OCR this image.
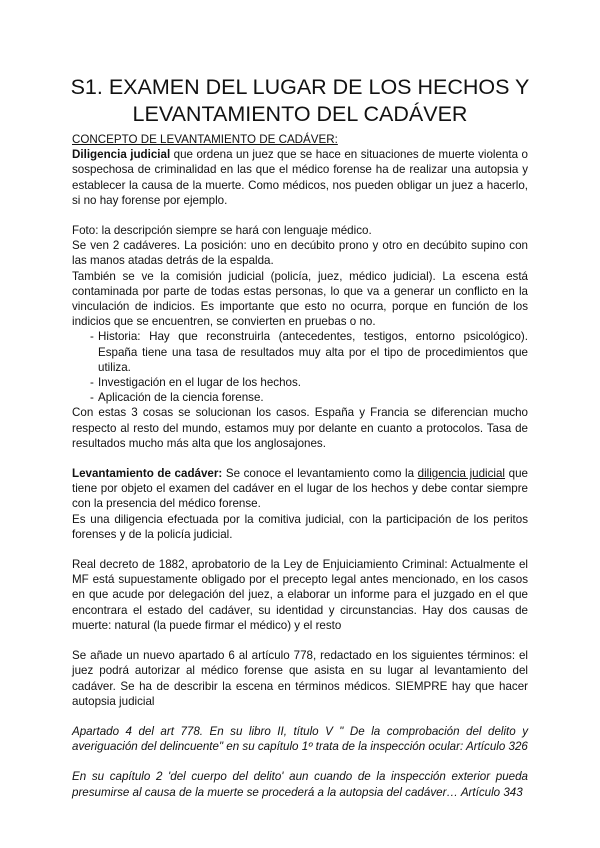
S1. EXAMEN DEL LUGAR DE LOS HECHOS Y
LEVANTAMIENTO DEL CADÁVER

CONCEPTO DE LEVANTAMIENTO DE CADÁVER:

Diligencia judicial que ordena un juez que se hace en situaciones de muerte violenta o sospechosa de criminalidad en las que el médico forense ha de realizar una autopsia y establecer la causa de la muerte. Como médicos, nos pueden obligar un juez a hacerlo, si no hay forense por ejemplo.

Foto: la descripción siempre se hará con lenguaje médico.

Se ven 2 cadáveres. La posición: uno en decúbito prono y otro en decúbito supino con las manos atadas detrás de la espalda.

También se ve la comisión judicial (policía, juez, médico judicial). La escena está contaminada por parte de todas estas personas, lo que va a generar un conflicto en la vinculación de indicios. Es importante que esto no ocurra, porque en función de los indicios que se encuentren, se convierten en pruebas o no.

- Historia: Hay que reconstruirla (antecedentes, testigos, entorno psicológico). España tiene una tasa de resultados muy alta por el tipo de procedimientos que utiliza.
- Investigación en el lugar de los hechos.
- Aplicación de la ciencia forense.

Con estas 3 cosas se solucionan los casos. España y Francia se diferencian mucho respecto al resto del mundo, estamos muy por delante en cuanto a protocolos. Tasa de resultados mucho más alta que los anglosajones.

Levantamiento de cadáver: Se conoce el levantamiento como la diligencia judicial que tiene por objeto el examen del cadáver en el lugar de los hechos y debe contar siempre con la presencia del médico forense.

Es una diligencia efectuada por la comitiva judicial, con la participación de los peritos forenses y de la policía judicial.

Real decreto de 1882, aprobatorio de la Ley de Enjuiciamiento Criminal: Actualmente el MF está supuestamente obligado por el precepto legal antes mencionado, en los casos en que acude por delegación del juez, a elaborar un informe para el juzgado en el que encontrara el estado del cadáver, su identidad y circunstancias. Hay dos causas de muerte: natural (la puede firmar el médico) y el resto

Se añade un nuevo apartado 6 al artículo 778, redactado en los siguientes términos: el juez podrá autorizar al médico forense que asista en su lugar al levantamiento del cadáver. Se ha de describir la escena en términos médicos. SIEMPRE hay que hacer autopsia judicial

Apartado 4 del art 778. En su libro II, título V " De la comprobación del delito y averiguación del delincuente" en su capítulo 1º trata de la inspección ocular: Artículo 326

En su capítulo 2 'del cuerpo del delito' aun cuando de la inspección exterior pueda presumirse al causa de la muerte se procederá a la autopsia del cadáver… Artículo 343
